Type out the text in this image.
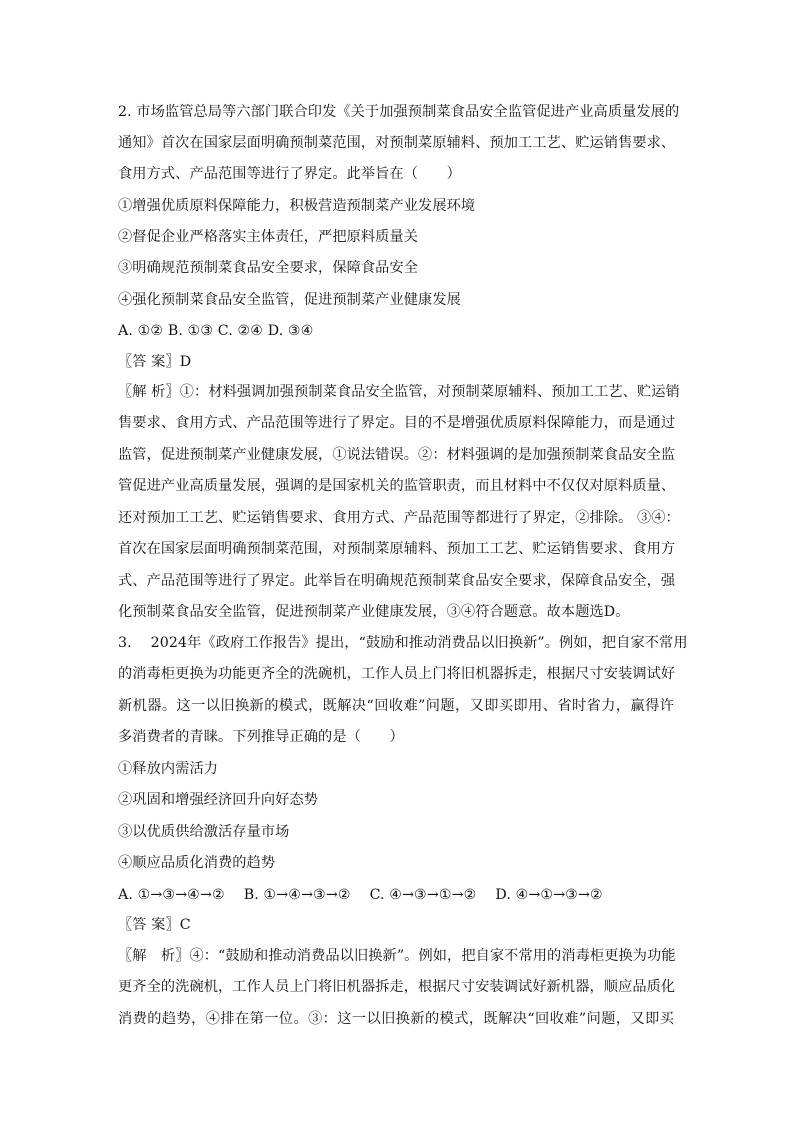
2. 市场监管总局等六部门联合印发《关于加强预制菜食品安全监管促进产业高质量发展的
通知》首次在国家层面明确预制菜范围，对预制菜原辅料、预加工工艺、贮运销售要求、
食用方式、产品范围等进行了界定。此举旨在（　　）
①增强优质原料保障能力，积极营造预制菜产业发展环境
②督促企业严格落实主体责任，严把原料质量关
③明确规范预制菜食品安全要求，保障食品安全
④强化预制菜食品安全监管，促进预制菜产业健康发展
A. ①② B. ①③ C. ②④ D. ③④
〖答 案〗D
〖解 析〗①：材料强调加强预制菜食品安全监管，对预制菜原辅料、预加工工艺、贮运销
售要求、食用方式、产品范围等进行了界定。目的不是增强优质原料保障能力，而是通过
监管，促进预制菜产业健康发展，①说法错误。②：材料强调的是加强预制菜食品安全监
管促进产业高质量发展，强调的是国家机关的监管职责，而且材料中不仅仅对原料质量、
还对预加工工艺、贮运销售要求、食用方式、产品范围等都进行了界定，②排除。 ③④：
首次在国家层面明确预制菜范围，对预制菜原辅料、预加工工艺、贮运销售要求、食用方
式、产品范围等进行了界定。此举旨在明确规范预制菜食品安全要求，保障食品安全，强
化预制菜食品安全监管，促进预制菜产业健康发展，③④符合题意。故本题选D。
3.　 2024年《政府工作报告》提出，“鼓励和推动消费品以旧换新”。例如，把自家不常用
的消毒柜更换为功能更齐全的洗碗机，工作人员上门将旧机器拆走，根据尺寸安装调试好
新机器。这一以旧换新的模式，既解决“回收难”问题，又即买即用、省时省力，赢得许
多消费者的青睐。下列推导正确的是（　　）
①释放内需活力
②巩固和增强经济回升向好态势
③以优质供给激活存量市场
④顺应品质化消费的趋势
A. ①→③→④→②　 B. ①→④→③→②　 C. ④→③→①→②　 D. ④→①→③→②
〖答 案〗C
〖解　析〗④：“鼓励和推动消费品以旧换新”。例如，把自家不常用的消毒柜更换为功能
更齐全的洗碗机，工作人员上门将旧机器拆走，根据尺寸安装调试好新机器，顺应品质化
消费的趋势，④排在第一位。③：这一以旧换新的模式，既解决“回收难”问题，又即买
